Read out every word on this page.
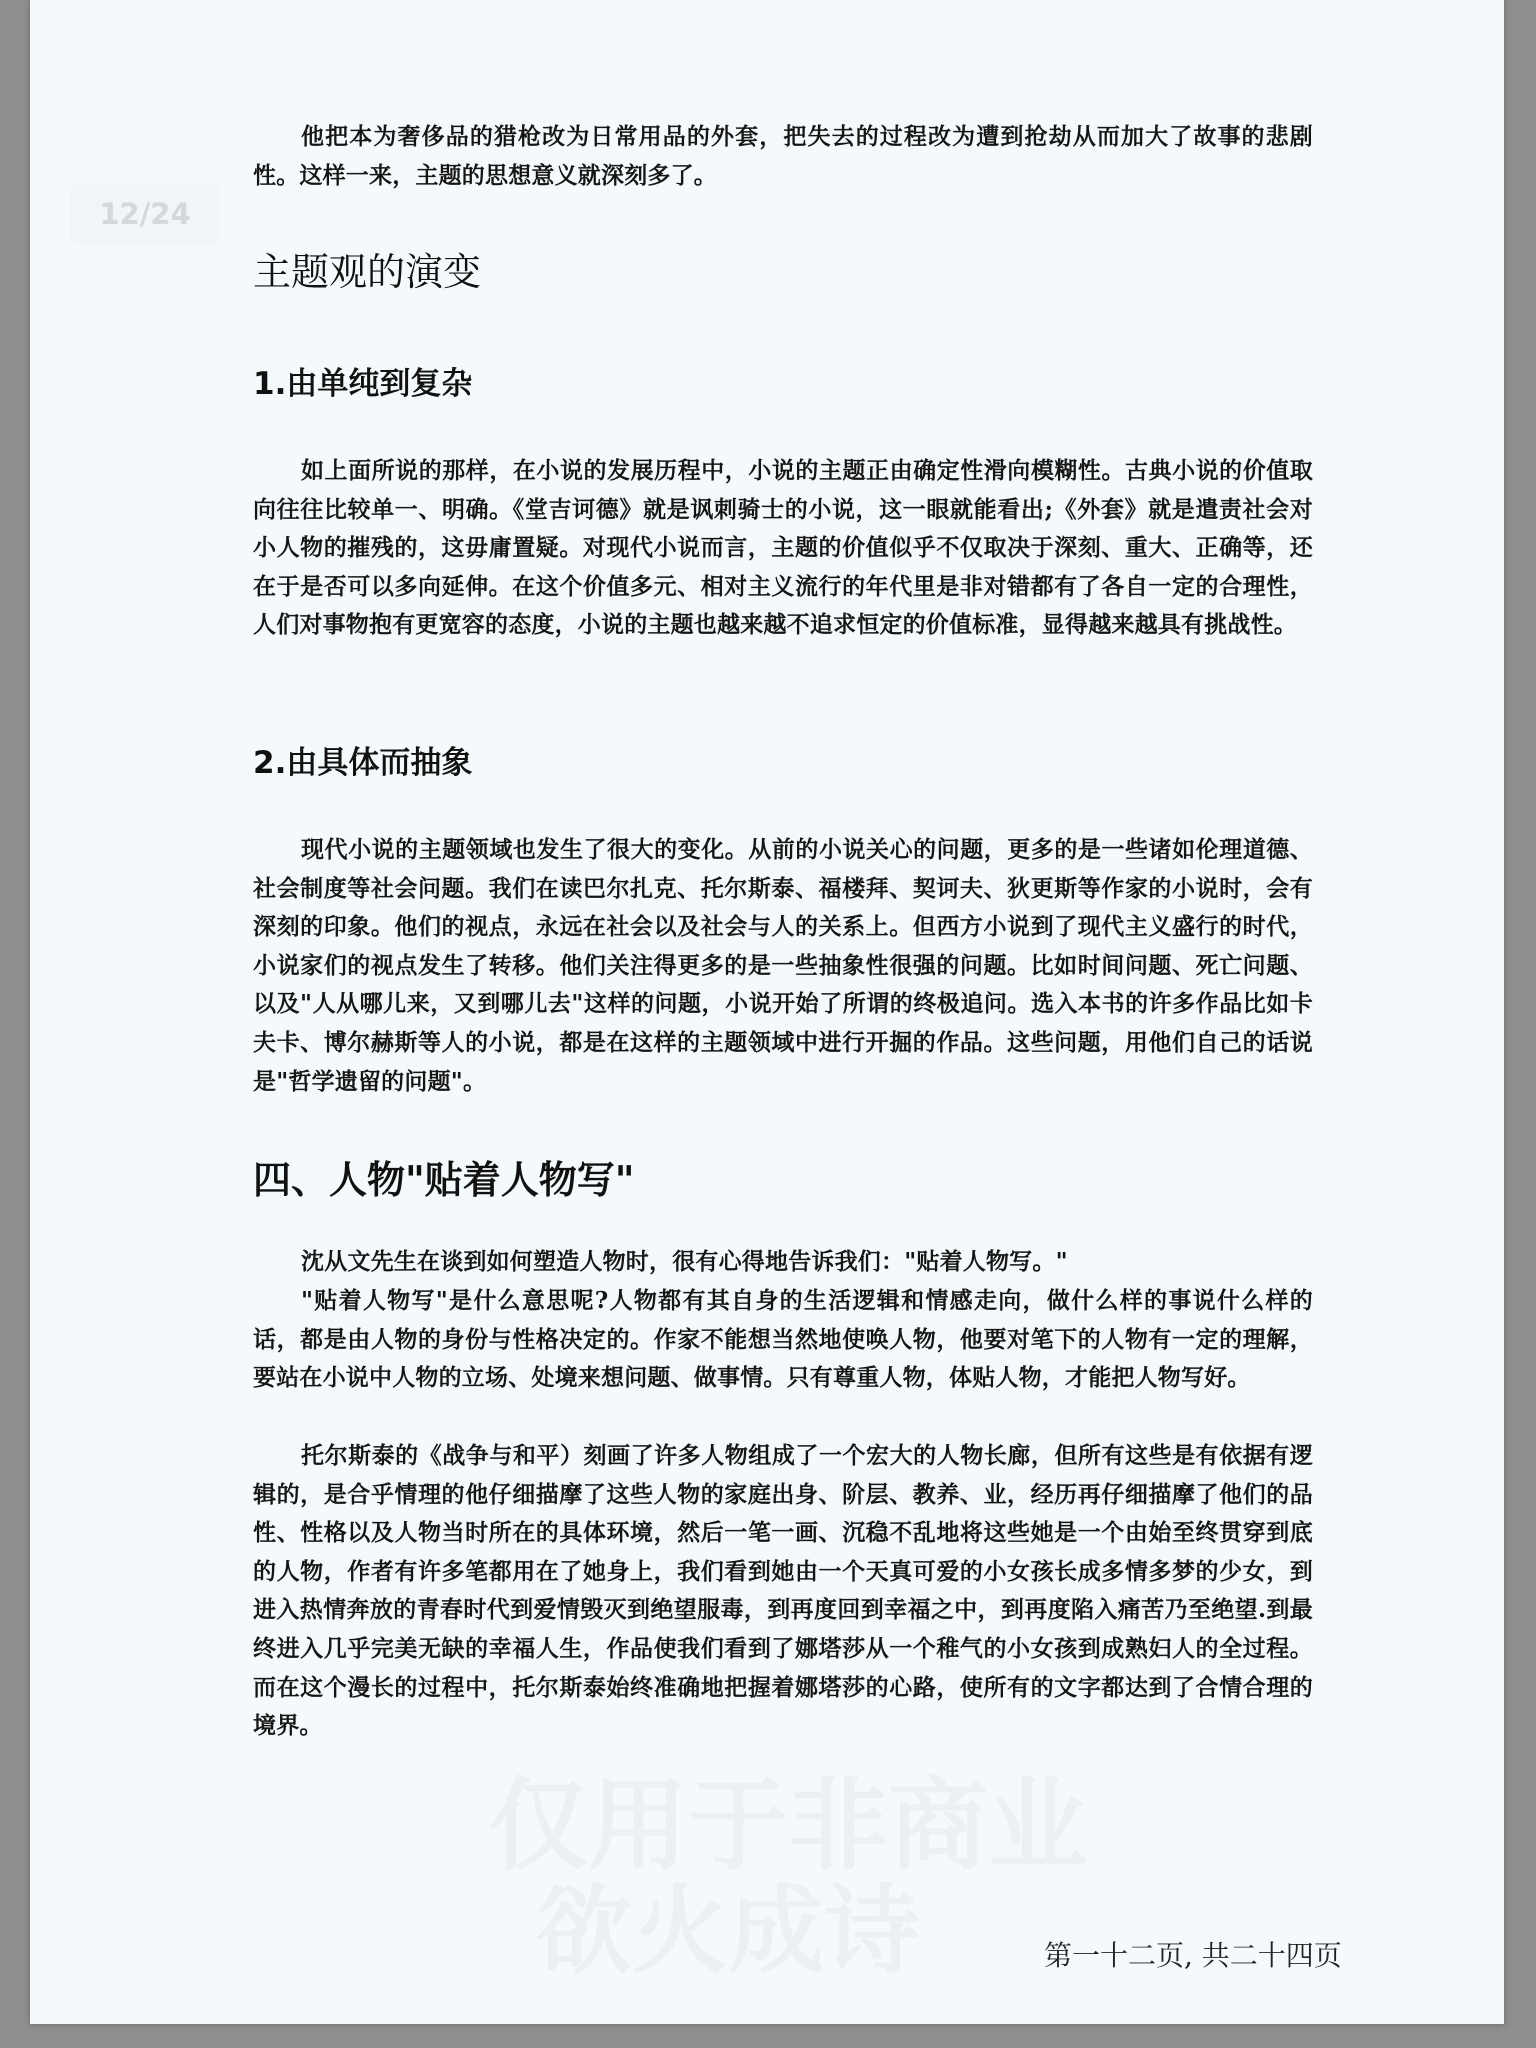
12/24
仅用于非商业
欲火成诗

他把本为奢侈品的猎枪改为日常用品的外套，把失去的过程改为遭到抢劫从而加大了故事的悲剧性。这样一来，主题的思想意义就深刻多了。

主题观的演变
1.由单纯到复杂

如上面所说的那样，在小说的发展历程中，小说的主题正由确定性滑向模糊性。古典小说的价值取向往往比较单一、明确。《堂吉诃德》就是讽刺骑士的小说，这一眼就能看出;《外套》就是遣责社会对小人物的摧残的，这毋庸置疑。对现代小说而言，主题的价值似乎不仅取决于深刻、重大、正确等，还在于是否可以多向延伸。在这个价值多元、相对主义流行的年代里是非对错都有了各自一定的合理性，人们对事物抱有更宽容的态度，小说的主题也越来越不追求恒定的价值标准，显得越来越具有挑战性。

2.由具体而抽象

现代小说的主题领域也发生了很大的变化。从前的小说关心的问题，更多的是一些诸如伦理道德、社会制度等社会问题。我们在读巴尔扎克、托尔斯泰、福楼拜、契诃夫、狄更斯等作家的小说时，会有深刻的印象。他们的视点，永远在社会以及社会与人的关系上。但西方小说到了现代主义盛行的时代，小说家们的视点发生了转移。他们关注得更多的是一些抽象性很强的问题。比如时间问题、死亡问题、以及"人从哪儿来，又到哪儿去"这样的问题，小说开始了所谓的终极追问。选入本书的许多作品比如卡夫卡、博尔赫斯等人的小说，都是在这样的主题领域中进行开掘的作品。这些问题，用他们自己的话说是"哲学遗留的问题"。

四、人物"贴着人物写"

沈从文先生在谈到如何塑造人物时，很有心得地告诉我们："贴着人物写。"

"贴着人物写"是什么意思呢?人物都有其自身的生活逻辑和情感走向，做什么样的事说什么样的话，都是由人物的身份与性格决定的。作家不能想当然地使唤人物，他要对笔下的人物有一定的理解，要站在小说中人物的立场、处境来想问题、做事情。只有尊重人物，体贴人物，才能把人物写好。

托尔斯泰的《战争与和平）刻画了许多人物组成了一个宏大的人物长廊，但所有这些是有依据有逻辑的，是合乎情理的他仔细描摩了这些人物的家庭出身、阶层、教养、业，经历再仔细描摩了他们的品性、性格以及人物当时所在的具体环境，然后一笔一画、沉稳不乱地将这些她是一个由始至终贯穿到底的人物，作者有许多笔都用在了她身上，我们看到她由一个天真可爱的小女孩长成多情多梦的少女，到进入热情奔放的青春时代到爱情毁灭到绝望服毒，到再度回到幸福之中，到再度陷入痛苦乃至绝望.到最终进入几乎完美无缺的幸福人生，作品使我们看到了娜塔莎从一个稚气的小女孩到成熟妇人的全过程。而在这个漫长的过程中，托尔斯泰始终准确地把握着娜塔莎的心路，使所有的文字都达到了合情合理的境界。

第一十二页, 共二十四页
